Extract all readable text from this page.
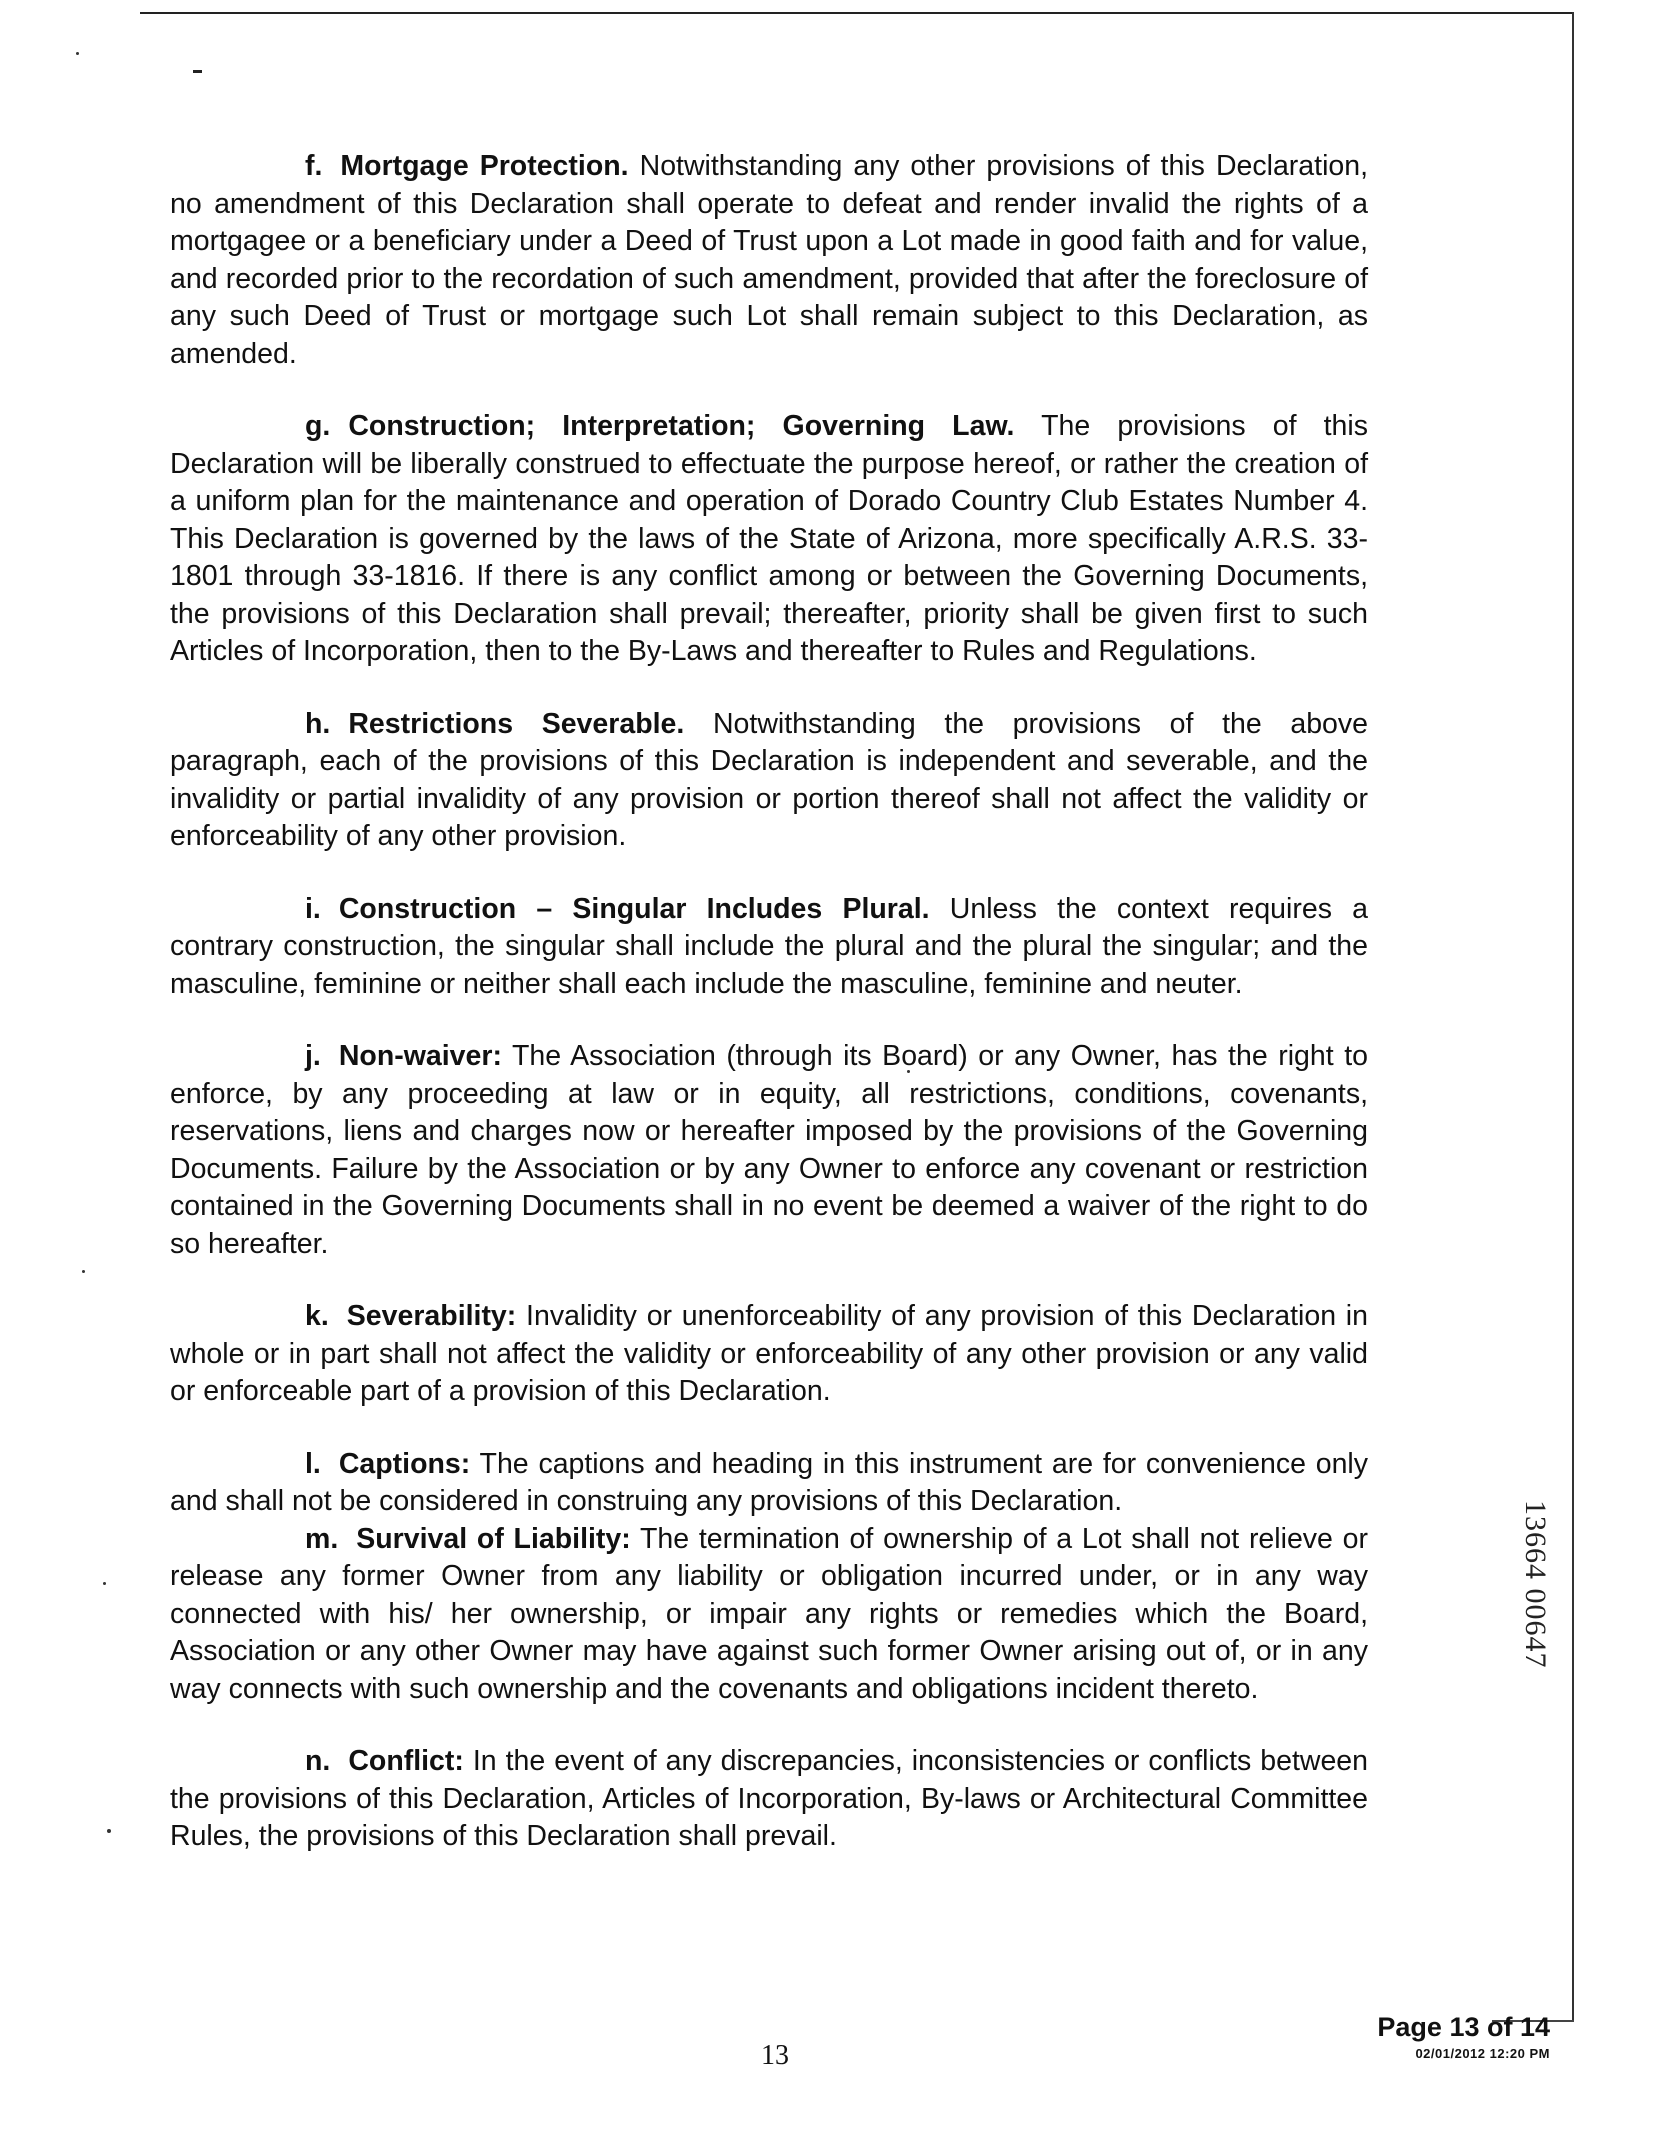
f. Mortgage Protection. Notwithstanding any other provisions of this Declaration, no amendment of this Declaration shall operate to defeat and render invalid the rights of a mortgagee or a beneficiary under a Deed of Trust upon a Lot made in good faith and for value, and recorded prior to the recordation of such amendment, provided that after the foreclosure of any such Deed of Trust or mortgage such Lot shall remain subject to this Declaration, as amended.

g. Construction; Interpretation; Governing Law. The provisions of this Declaration will be liberally construed to effectuate the purpose hereof, or rather the creation of a uniform plan for the maintenance and operation of Dorado Country Club Estates Number 4. This Declaration is governed by the laws of the State of Arizona, more specifically A.R.S. 33-1801 through 33-1816. If there is any conflict among or between the Governing Documents, the provisions of this Declaration shall prevail; thereafter, priority shall be given first to such Articles of Incorporation, then to the By-Laws and thereafter to Rules and Regulations.

h. Restrictions Severable. Notwithstanding the provisions of the above paragraph, each of the provisions of this Declaration is independent and severable, and the invalidity or partial invalidity of any provision or portion thereof shall not affect the validity or enforceability of any other provision.

i. Construction – Singular Includes Plural. Unless the context requires a contrary construction, the singular shall include the plural and the plural the singular; and the masculine, feminine or neither shall each include the masculine, feminine and neuter.

j. Non-waiver: The Association (through its Board) or any Owner, has the right to enforce, by any proceeding at law or in equity, all restrictions, conditions, covenants, reservations, liens and charges now or hereafter imposed by the provisions of the Governing Documents. Failure by the Association or by any Owner to enforce any covenant or restriction contained in the Governing Documents shall in no event be deemed a waiver of the right to do so hereafter.

k. Severability: Invalidity or unenforceability of any provision of this Declaration in whole or in part shall not affect the validity or enforceability of any other provision or any valid or enforceable part of a provision of this Declaration.

l. Captions: The captions and heading in this instrument are for convenience only and shall not be considered in construing any provisions of this Declaration.

m. Survival of Liability: The termination of ownership of a Lot shall not relieve or release any former Owner from any liability or obligation incurred under, or in any way connected with his/ her ownership, or impair any rights or remedies which the Board, Association or any other Owner may have against such former Owner arising out of, or in any way connects with such ownership and the covenants and obligations incident thereto.

n. Conflict: In the event of any discrepancies, inconsistencies or conflicts between the provisions of this Declaration, Articles of Incorporation, By-laws or Architectural Committee Rules, the provisions of this Declaration shall prevail.

13664 00647
13
Page 13 of 14
02/01/2012 12:20 PM
